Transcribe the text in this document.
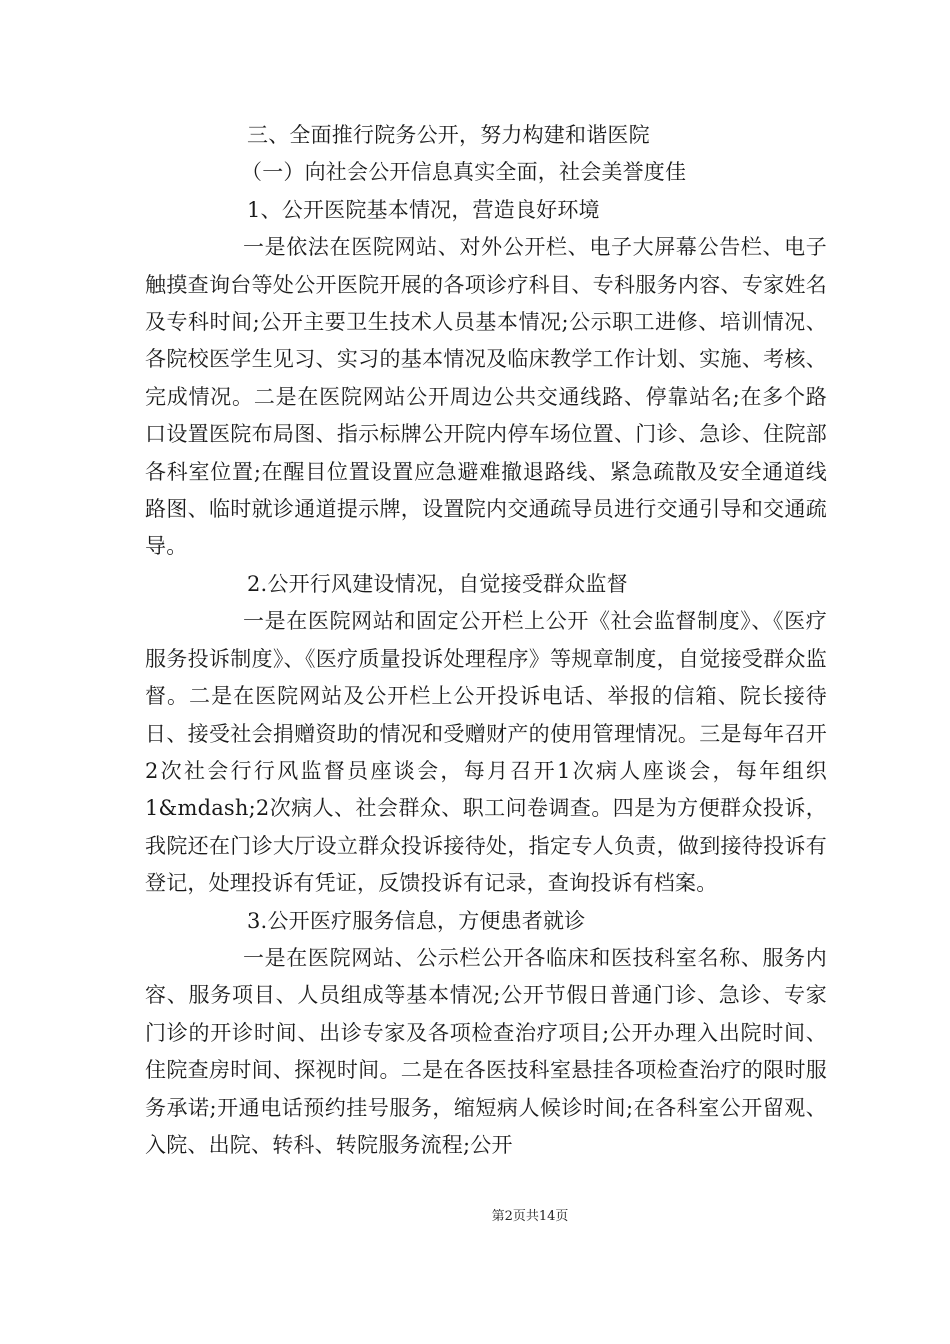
三、全面推行院务公开，努力构建和谐医院

（一）向社会公开信息真实全面，社会美誉度佳

1、公开医院基本情况，营造良好环境

一是依法在医院网站、对外公开栏、电子大屏幕公告栏、电子触摸查询台等处公开医院开展的各项诊疗科目、专科服务内容、专家姓名及专科时间;公开主要卫生技术人员基本情况;公示职工进修、培训情况、各院校医学生见习、实习的基本情况及临床教学工作计划、实施、考核、完成情况。二是在医院网站公开周边公共交通线路、停靠站名;在多个路口设置医院布局图、指示标牌公开院内停车场位置、门诊、急诊、住院部各科室位置;在醒目位置设置应急避难撤退路线、紧急疏散及安全通道线路图、临时就诊通道提示牌，设置院内交通疏导员进行交通引导和交通疏导。

2.公开行风建设情况，自觉接受群众监督

一是在医院网站和固定公开栏上公开《社会监督制度》、《医疗服务投诉制度》、《医疗质量投诉处理程序》等规章制度，自觉接受群众监督。二是在医院网站及公开栏上公开投诉电话、举报的信箱、院长接待日、接受社会捐赠资助的情况和受赠财产的使用管理情况。三是每年召开2次社会行行风监督员座谈会，每月召开1次病人座谈会，每年组织1&mdash;2次病人、社会群众、职工问卷调查。四是为方便群众投诉，我院还在门诊大厅设立群众投诉接待处，指定专人负责，做到接待投诉有登记，处理投诉有凭证，反馈投诉有记录，查询投诉有档案。

3.公开医疗服务信息，方便患者就诊

一是在医院网站、公示栏公开各临床和医技科室名称、服务内容、服务项目、人员组成等基本情况;公开节假日普通门诊、急诊、专家门诊的开诊时间、出诊专家及各项检查治疗项目;公开办理入出院时间、住院查房时间、探视时间。二是在各医技科室悬挂各项检查治疗的限时服务承诺;开通电话预约挂号服务，缩短病人候诊时间;在各科室公开留观、入院、出院、转科、转院服务流程;公开

第2页共14页
